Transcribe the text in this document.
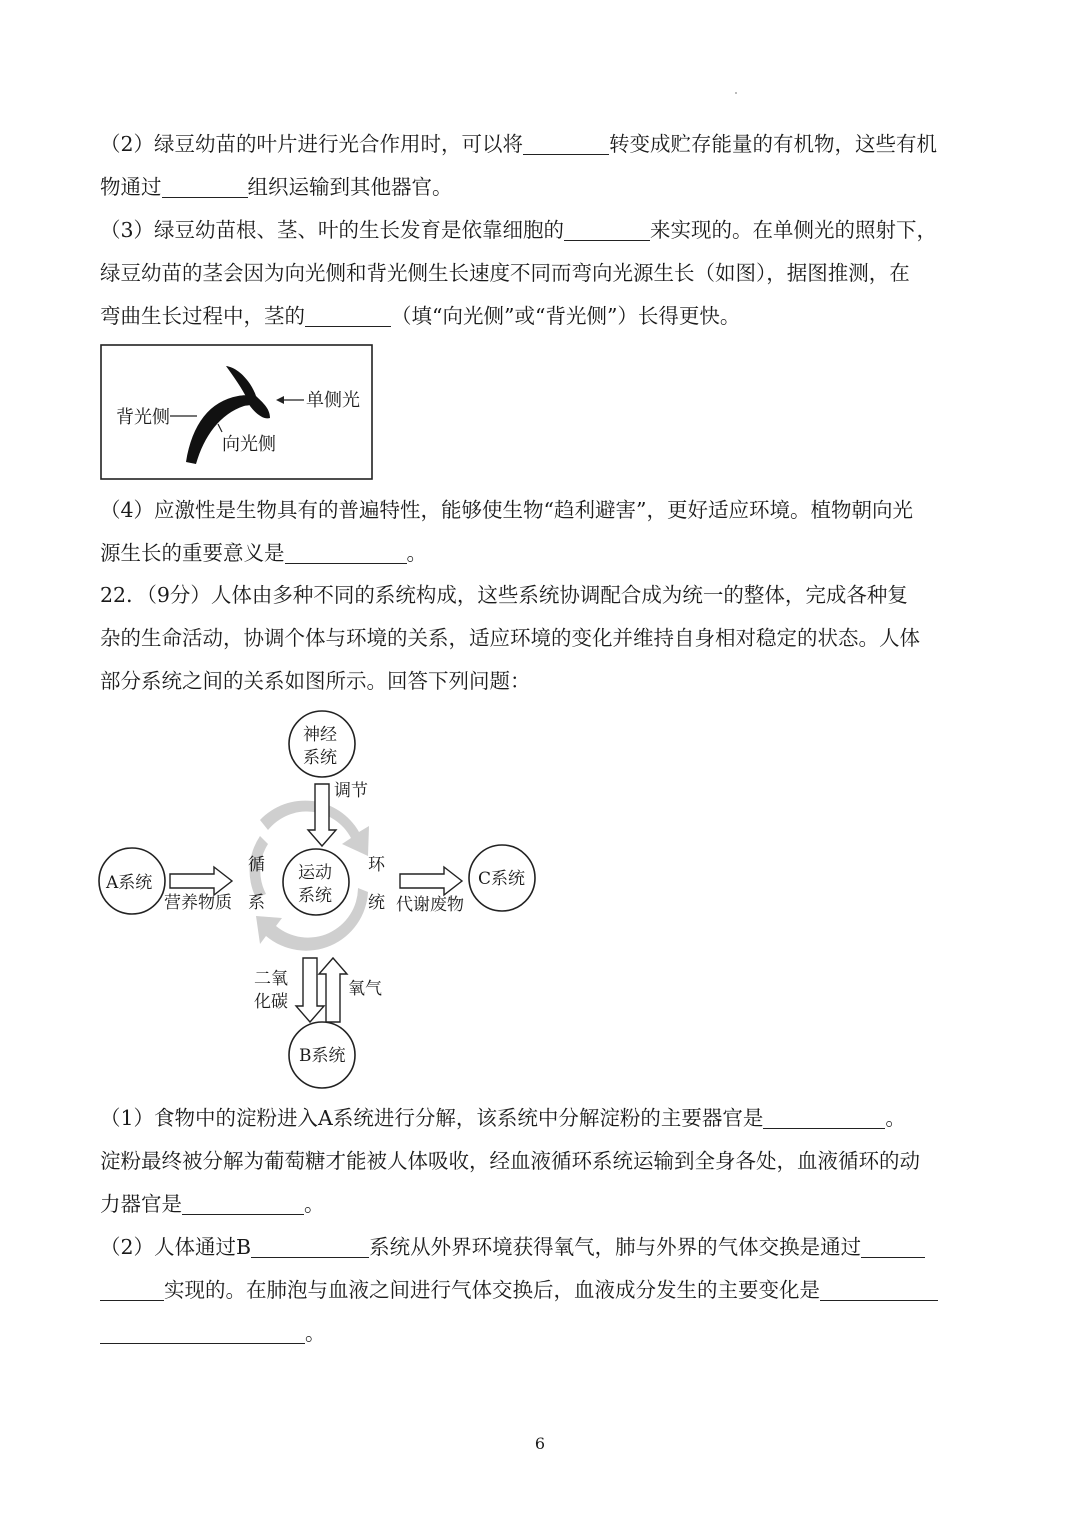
（2）绿豆幼苗的叶片进行光合作用时，可以将	转变成贮存能量的有机物，这些有机

物通过	组织运输到其他器官。

（3）绿豆幼苗根、茎、叶的生长发育是依靠细胞的	来实现的。在单侧光的照射下，

绿豆幼苗的茎会因为向光侧和背光侧生长速度不同而弯向光源生长（如图），据图推测，在

弯曲生长过程中，茎的	（填“向光侧”或“背光侧”）长得更快。

背光侧
单侧光
向光侧

（4）应激性是生物具有的普遍特性，能够使生物“趋利避害”，更好适应环境。植物朝向光

源生长的重要意义是	。

22．（9分）人体由多种不同的系统构成，这些系统协调配合成为统一的整体，完成各种复

杂的生命活动，协调个体与环境的关系，适应环境的变化并维持自身相对稳定的状态。人体

部分系统之间的关系如图所示。回答下列问题：

神经
系统
调节
运动
系统
循
系
环
统
A系统
营养物质	代谢废物
C系统
二氧
化碳
氧气
B系统

（1）食物中的淀粉进入A系统进行分解，该系统中分解淀粉的主要器官是	。

淀粉最终被分解为葡萄糖才能被人体吸收，经血液循环系统运输到全身各处，血液循环的动

力器官是	。

（2）人体通过B	系统从外界环境获得氧气，肺与外界的气体交换是通过

实现的。在肺泡与血液之间进行气体交换后，血液成分发生的主要变化是

。

6
